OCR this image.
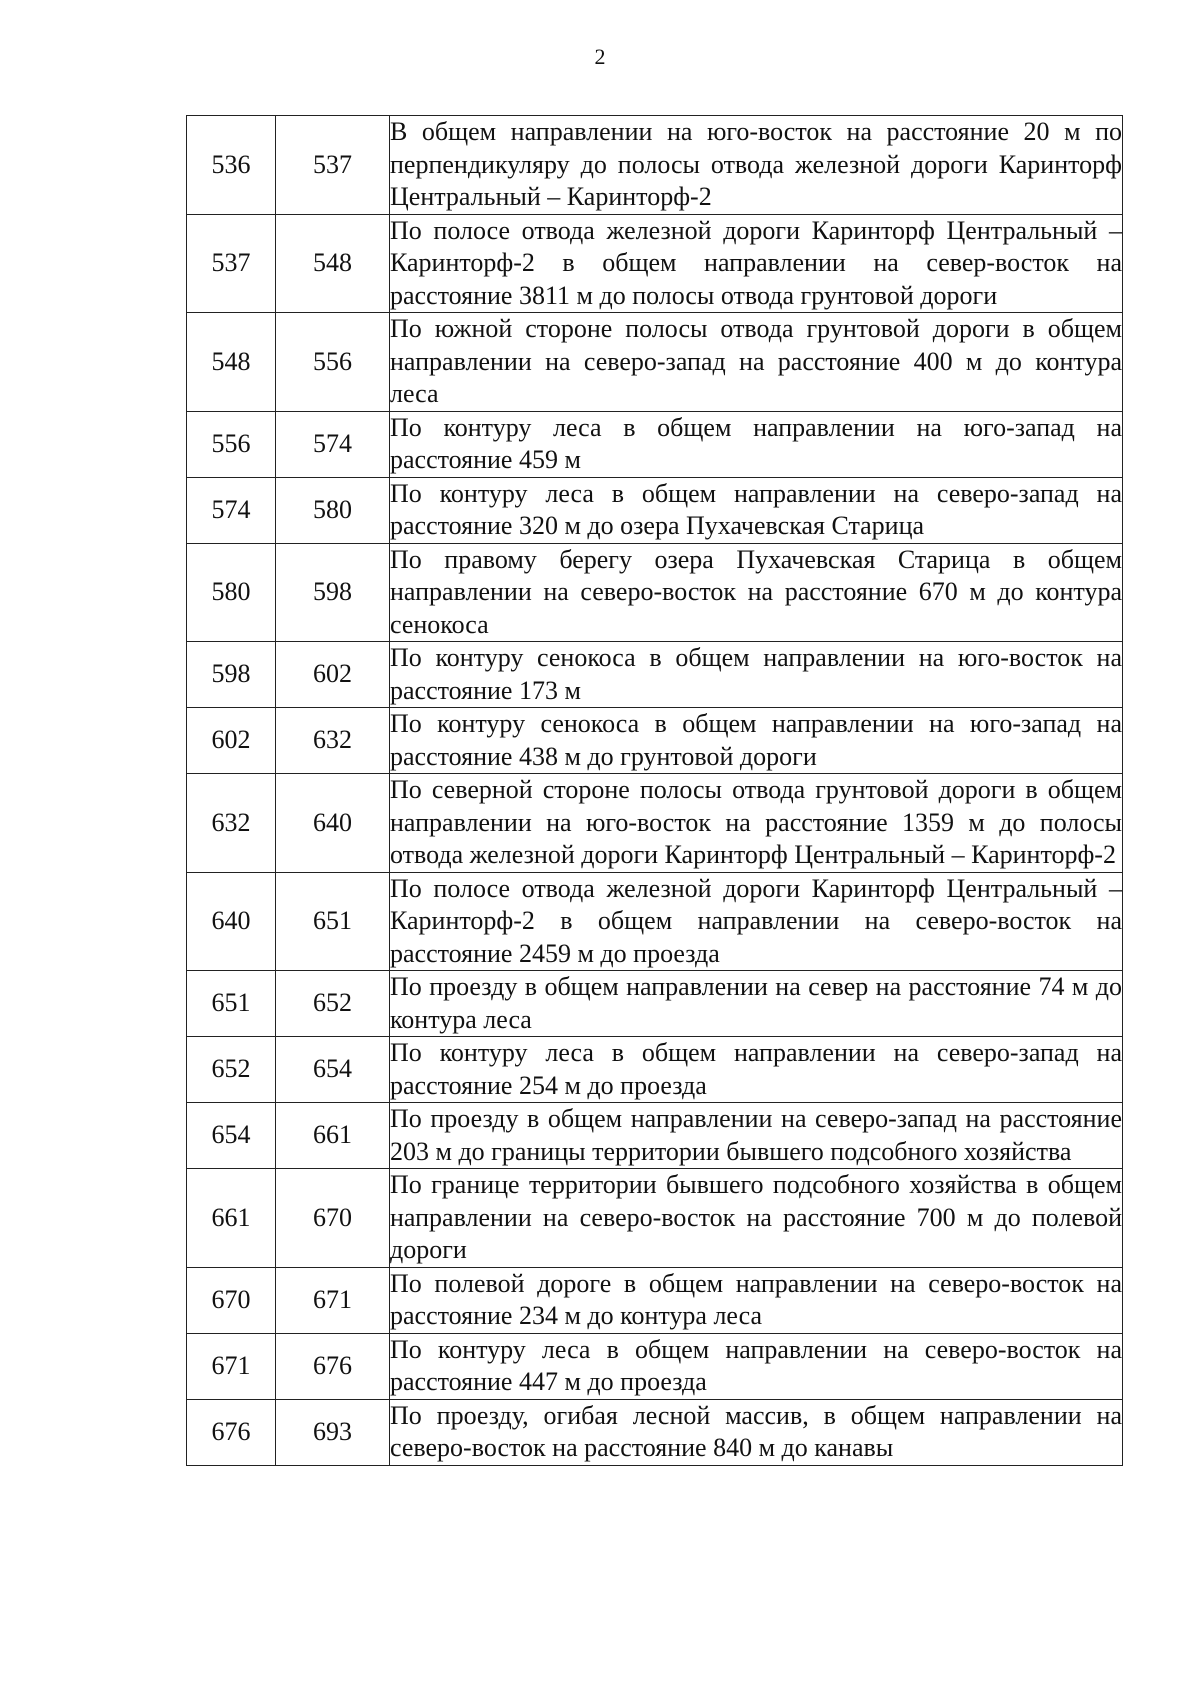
2
536	537	В общем направлении на юго-восток на расстояние 20 м по перпендикуляру до полосы отвода железной дороги Каринторф Центральный – Каринторф-2
537	548	По полосе отвода железной дороги Каринторф Центральный – Каринторф-2 в общем направлении на север-восток на расстояние 3811 м до полосы отвода грунтовой дороги
548	556	По южной стороне полосы отвода грунтовой дороги в общем направлении на северо-запад на расстояние 400 м до контура леса
556	574	По контуру леса в общем направлении на юго-запад на расстояние 459 м
574	580	По контуру леса в общем направлении на северо-запад на расстояние 320 м до озера Пухачевская Старица
580	598	По правому берегу озера Пухачевская Старица в общем направлении на северо-восток на расстояние 670 м до контура сенокоса
598	602	По контуру сенокоса в общем направлении на юго-восток на расстояние 173 м
602	632	По контуру сенокоса в общем направлении на юго-запад на расстояние 438 м до грунтовой дороги
632	640	По северной стороне полосы отвода грунтовой дороги в общем направлении на юго-восток на расстояние 1359 м до полосы отвода железной дороги Каринторф Центральный – Каринторф-2
640	651	По полосе отвода железной дороги Каринторф Центральный – Каринторф-2 в общем направлении на северо-восток на расстояние 2459 м до проезда
651	652	По проезду в общем направлении на север на расстояние 74 м до контура леса
652	654	По контуру леса в общем направлении на северо-запад на расстояние 254 м до проезда
654	661	По проезду в общем направлении на северо-запад на расстояние 203 м до границы территории бывшего подсобного хозяйства
661	670	По границе территории бывшего подсобного хозяйства в общем направлении на северо-восток на расстояние 700 м до полевой дороги
670	671	По полевой дороге в общем направлении на северо-восток на расстояние 234 м до контура леса
671	676	По контуру леса в общем направлении на северо-восток на расстояние 447 м до проезда
676	693	По проезду, огибая лесной массив, в общем направлении на северо-восток на расстояние 840 м до канавы
